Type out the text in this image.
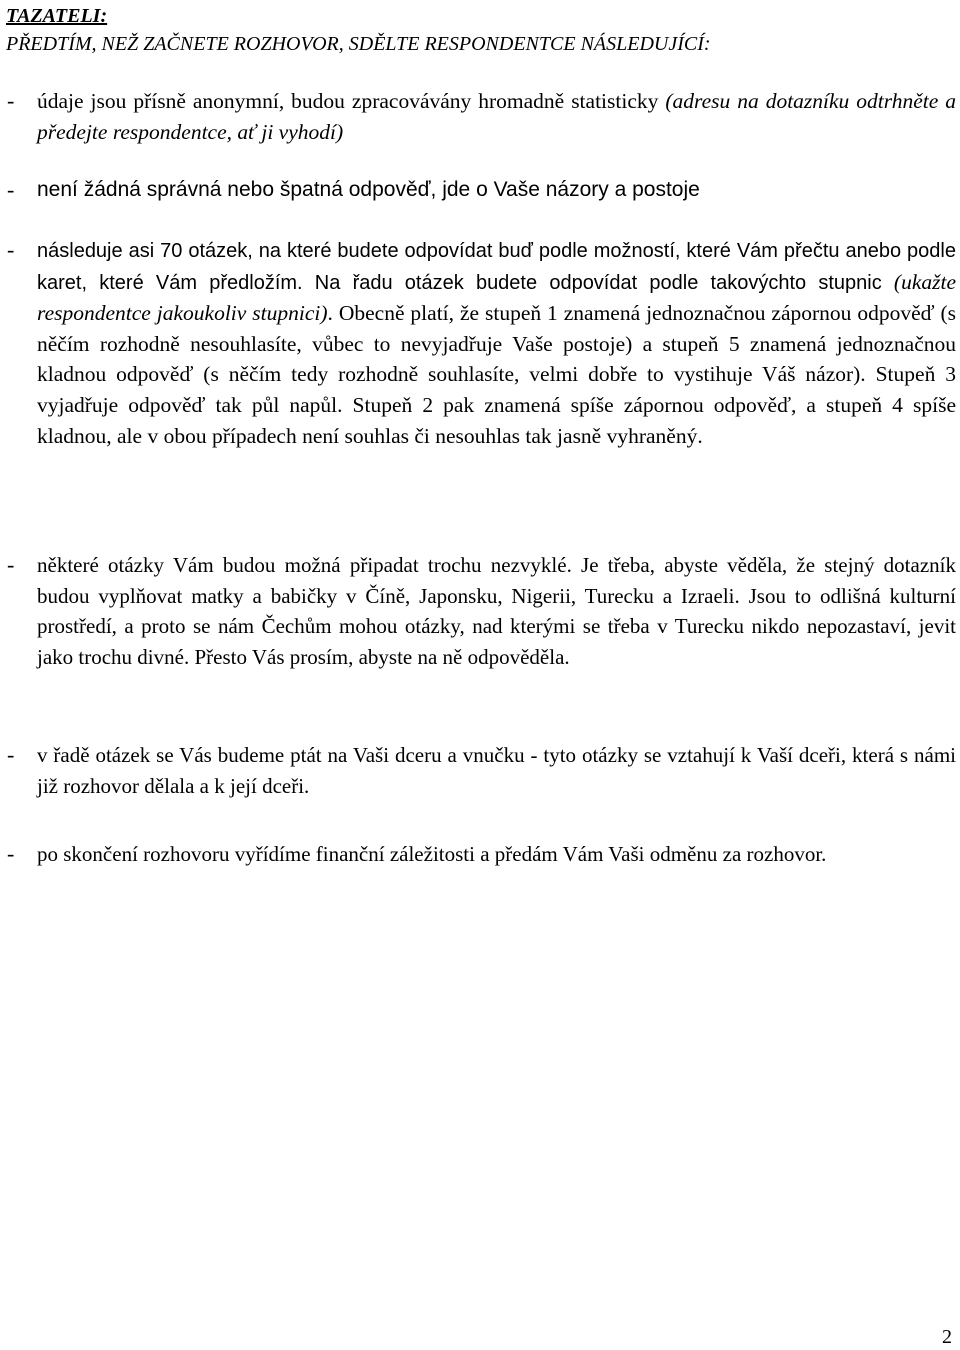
TAZATELI:
PŘEDTÍM, NEŽ ZAČNETE ROZHOVOR, SDĚLTE RESPONDENTCE NÁSLEDUJÍCÍ:
- údaje jsou přísně anonymní, budou zpracovávány hromadně statisticky (adresu na dotazníku odtrhněte a předejte respondentce, ať ji vyhodí)
- není žádná správná nebo špatná odpověď, jde o Vaše názory a postoje
- následuje asi 70 otázek, na které budete odpovídat buď podle možností, které Vám přečtu anebo podle karet, které Vám předložím. Na řadu otázek budete odpovídat podle takovýchto stupnic (ukažte respondentce jakoukoliv stupnici). Obecně platí, že stupeň 1 znamená jednoznačnou zápornou odpověď (s něčím rozhodně nesouhlasíte, vůbec to nevyjadřuje Vaše postoje) a stupeň 5 znamená jednoznačnou kladnou odpověď (s něčím tedy rozhodně souhlasíte, velmi dobře to vystihuje Váš názor). Stupeň 3 vyjadřuje odpověď tak půl napůl. Stupeň 2 pak znamená spíše zápornou odpověď, a stupeň 4 spíše kladnou, ale v obou případech není souhlas či nesouhlas tak jasně vyhraněný.
- některé otázky Vám budou možná připadat trochu nezvyklé. Je třeba, abyste věděla, že stejný dotazník budou vyplňovat matky a babičky v Číně, Japonsku, Nigerii, Turecku a Izraeli. Jsou to odlišná kulturní prostředí, a proto se nám Čechům mohou otázky, nad kterými se třeba v Turecku nikdo nepozastaví, jevit jako trochu divné. Přesto Vás prosím, abyste na ně odpověděla.
- v řadě otázek se Vás budeme ptát na Vaši dceru a vnučku - tyto otázky se vztahují k Vaší dceři, která s námi již rozhovor dělala a k její dceři.
- po skončení rozhovoru vyřídíme finanční záležitosti a předám Vám Vaši odměnu za rozhovor.
2
